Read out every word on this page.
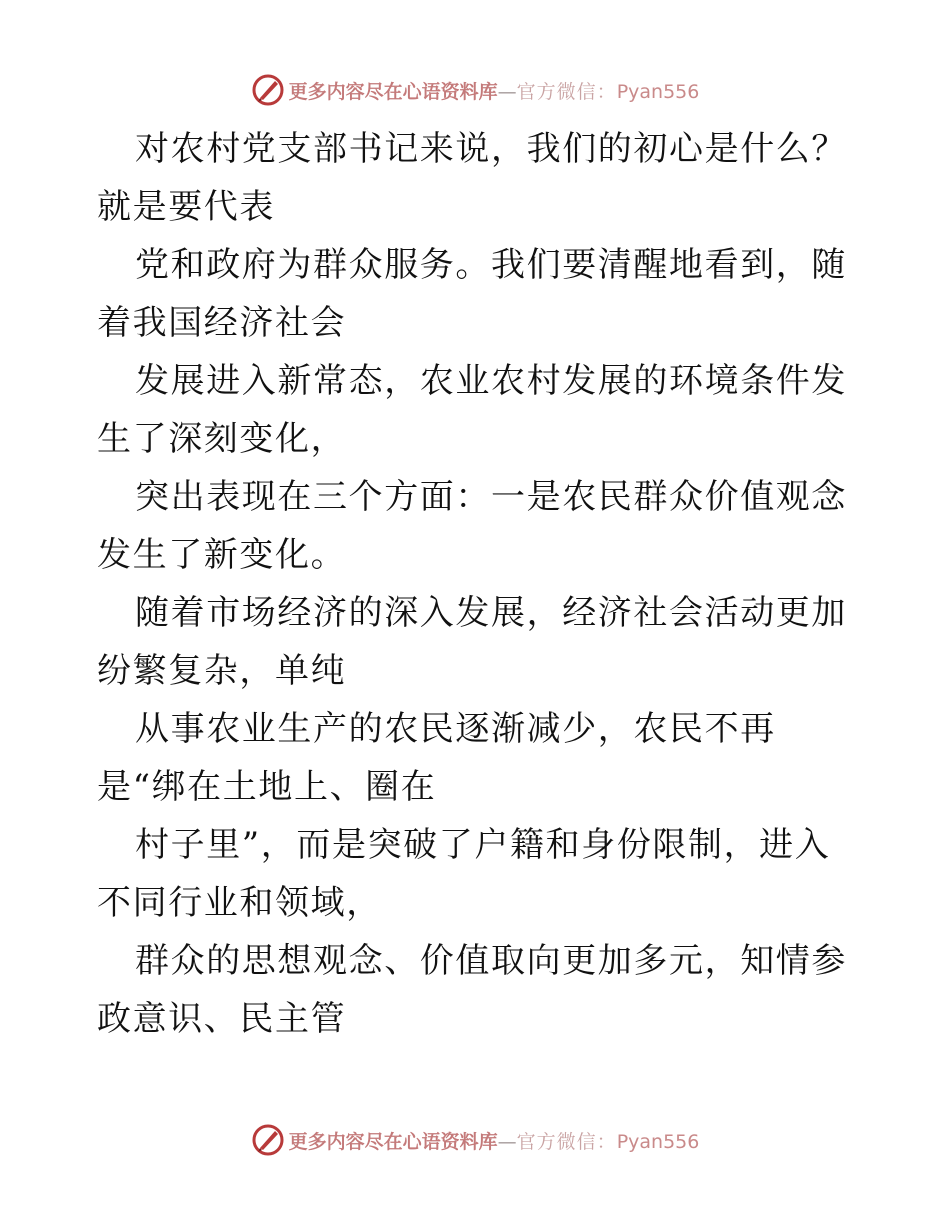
更多内容尽在心语资料库—官方微信：Pyan556

对农村党支部书记来说，我们的初心是什么？就是要代表

党和政府为群众服务。我们要清醒地看到，随着我国经济社会

发展进入新常态，农业农村发展的环境条件发生了深刻变化，

突出表现在三个方面：一是农民群众价值观念发生了新变化。

随着市场经济的深入发展，经济社会活动更加纷繁复杂，单纯

从事农业生产的农民逐渐减少，农民不再是“绑在土地上、圈在

村子里”，而是突破了户籍和身份限制，进入不同行业和领域，

群众的思想观念、价值取向更加多元，知情参政意识、民主管

更多内容尽在心语资料库—官方微信：Pyan556
